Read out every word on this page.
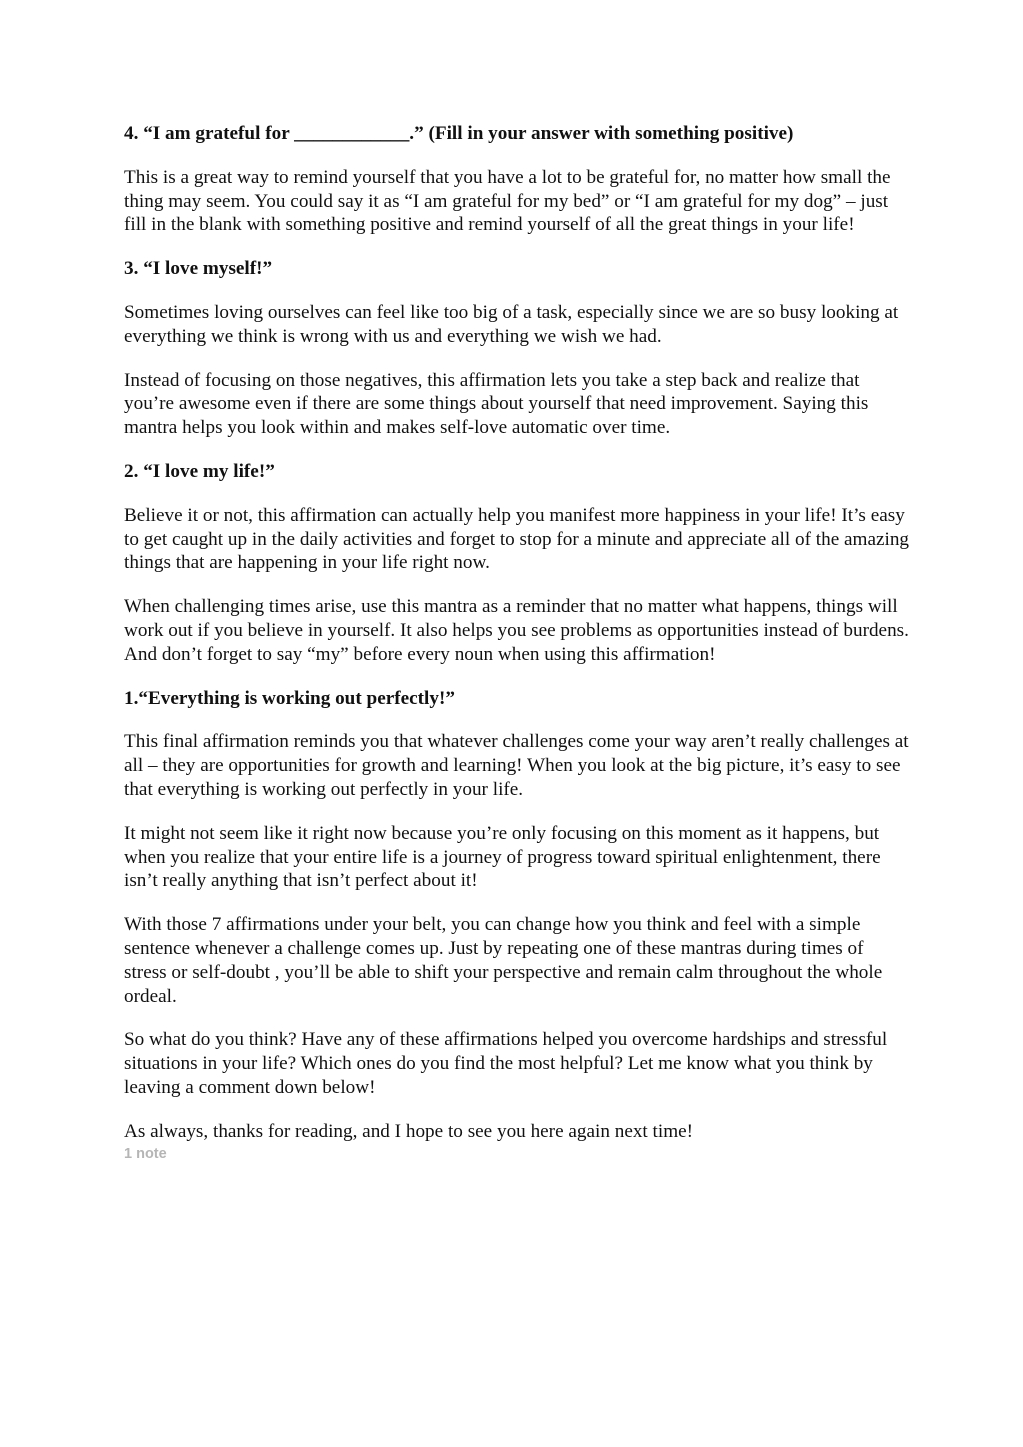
4. “I am grateful for ____________.” (Fill in your answer with something positive)

This is a great way to remind yourself that you have a lot to be grateful for, no matter how small the thing may seem. You could say it as “I am grateful for my bed” or “I am grateful for my dog” – just fill in the blank with something positive and remind yourself of all the great things in your life!

3. “I love myself!”

Sometimes loving ourselves can feel like too big of a task, especially since we are so busy looking at everything we think is wrong with us and everything we wish we had.

Instead of focusing on those negatives, this affirmation lets you take a step back and realize that you’re awesome even if there are some things about yourself that need improvement. Saying this mantra helps you look within and makes self-love automatic over time.

2. “I love my life!”

Believe it or not, this affirmation can actually help you manifest more happiness in your life! It’s easy to get caught up in the daily activities and forget to stop for a minute and appreciate all of the amazing things that are happening in your life right now.

When challenging times arise, use this mantra as a reminder that no matter what happens, things will work out if you believe in yourself. It also helps you see problems as opportunities instead of burdens. And don’t forget to say “my” before every noun when using this affirmation!

1.“Everything is working out perfectly!”

This final affirmation reminds you that whatever challenges come your way aren’t really challenges at all – they are opportunities for growth and learning! When you look at the big picture, it’s easy to see that everything is working out perfectly in your life.

It might not seem like it right now because you’re only focusing on this moment as it happens, but when you realize that your entire life is a journey of progress toward spiritual enlightenment, there isn’t really anything that isn’t perfect about it!

With those 7 affirmations under your belt, you can change how you think and feel with a simple sentence whenever a challenge comes up. Just by repeating one of these mantras during times of stress or self-doubt , you’ll be able to shift your perspective and remain calm throughout the whole ordeal.

So what do you think? Have any of these affirmations helped you overcome hardships and stressful situations in your life? Which ones do you find the most helpful? Let me know what you think by leaving a comment down below!

As always, thanks for reading, and I hope to see you here again next time!

1 note
